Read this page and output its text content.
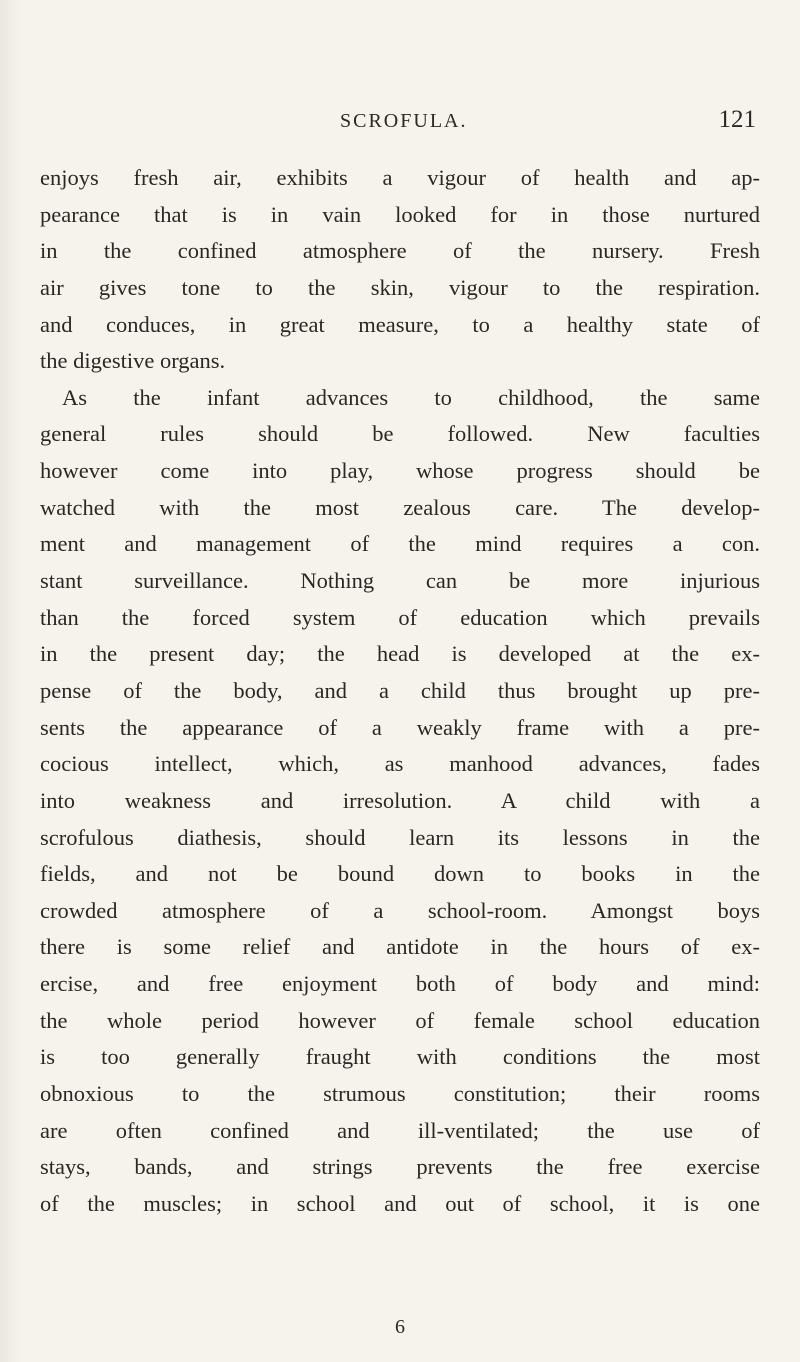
SCROFULA.	121
enjoys fresh air, exhibits a vigour of health and ap-
pearance that is in vain looked for in those nurtured
in the confined atmosphere of the nursery. Fresh
air gives tone to the skin, vigour to the respiration.
and conduces, in great measure, to a healthy state of
the digestive organs.
As the infant advances to childhood, the same
general rules should be followed. New faculties
however come into play, whose progress should be
watched with the most zealous care. The develop-
ment and management of the mind requires a con.
stant surveillance. Nothing can be more injurious
than the forced system of education which prevails
in the present day; the head is developed at the ex-
pense of the body, and a child thus brought up pre-
sents the appearance of a weakly frame with a pre-
cocious intellect, which, as manhood advances, fades
into weakness and irresolution. A child with a
scrofulous diathesis, should learn its lessons in the
fields, and not be bound down to books in the
crowded atmosphere of a school-room. Amongst boys
there is some relief and antidote in the hours of ex-
ercise, and free enjoyment both of body and mind:
the whole period however of female school education
is too generally fraught with conditions the most
obnoxious to the strumous constitution; their rooms
are often confined and ill-ventilated; the use of
stays, bands, and strings prevents the free exercise
of the muscles; in school and out of school, it is one
6
